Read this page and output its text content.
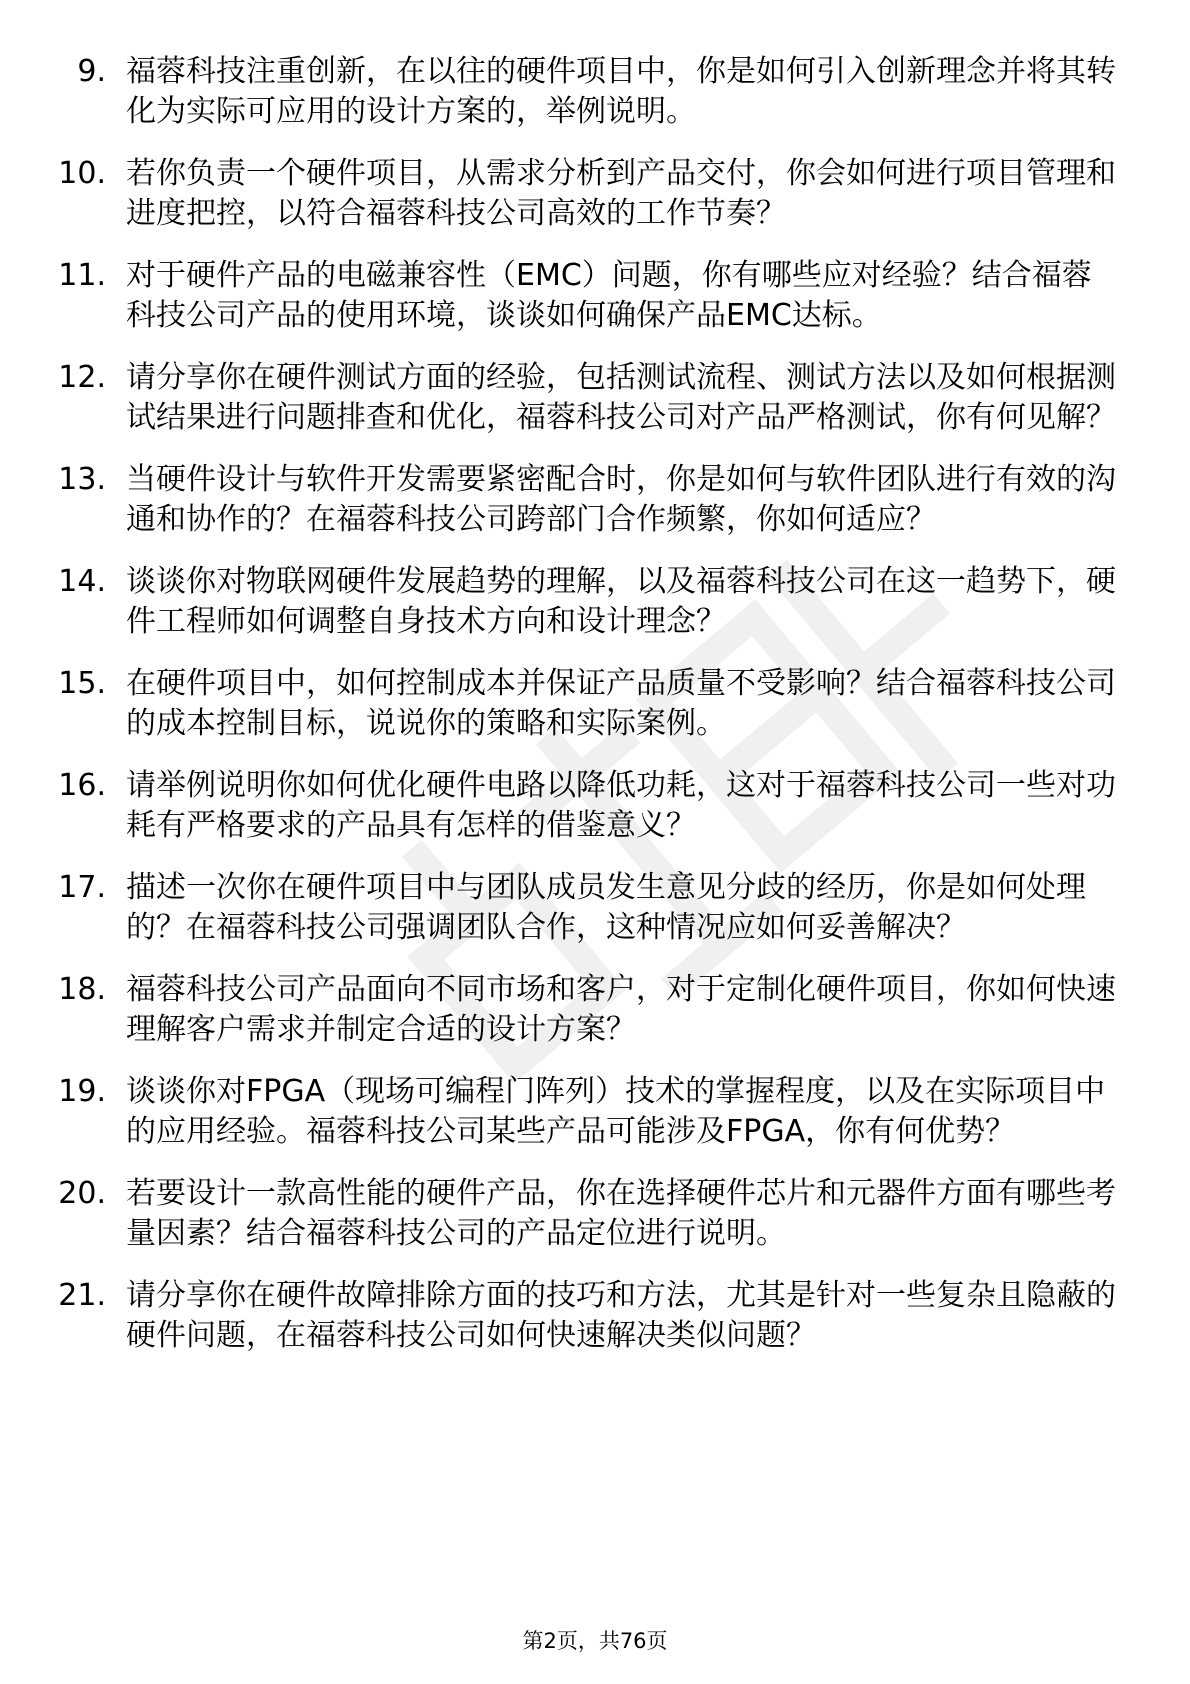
9. 福蓉科技注重创新，在以往的硬件项目中，你是如何引入创新理念并将其转化为实际可应用的设计方案的，举例说明。
10. 若你负责一个硬件项目，从需求分析到产品交付，你会如何进行项目管理和进度把控，以符合福蓉科技公司高效的工作节奏？
11. 对于硬件产品的电磁兼容性（EMC）问题，你有哪些应对经验？结合福蓉科技公司产品的使用环境，谈谈如何确保产品EMC达标。
12. 请分享你在硬件测试方面的经验，包括测试流程、测试方法以及如何根据测试结果进行问题排查和优化，福蓉科技公司对产品严格测试，你有何见解？
13. 当硬件设计与软件开发需要紧密配合时，你是如何与软件团队进行有效的沟通和协作的？在福蓉科技公司跨部门合作频繁，你如何适应？
14. 谈谈你对物联网硬件发展趋势的理解，以及福蓉科技公司在这一趋势下，硬件工程师如何调整自身技术方向和设计理念？
15. 在硬件项目中，如何控制成本并保证产品质量不受影响？结合福蓉科技公司的成本控制目标，说说你的策略和实际案例。
16. 请举例说明你如何优化硬件电路以降低功耗，这对于福蓉科技公司一些对功耗有严格要求的产品具有怎样的借鉴意义？
17. 描述一次你在硬件项目中与团队成员发生意见分歧的经历，你是如何处理的？在福蓉科技公司强调团队合作，这种情况应如何妥善解决？
18. 福蓉科技公司产品面向不同市场和客户，对于定制化硬件项目，你如何快速理解客户需求并制定合适的设计方案？
19. 谈谈你对FPGA（现场可编程门阵列）技术的掌握程度，以及在实际项目中的应用经验。福蓉科技公司某些产品可能涉及FPGA，你有何优势？
20. 若要设计一款高性能的硬件产品，你在选择硬件芯片和元器件方面有哪些考量因素？结合福蓉科技公司的产品定位进行说明。
21. 请分享你在硬件故障排除方面的技巧和方法，尤其是针对一些复杂且隐蔽的硬件问题，在福蓉科技公司如何快速解决类似问题？
第2页，共76页
